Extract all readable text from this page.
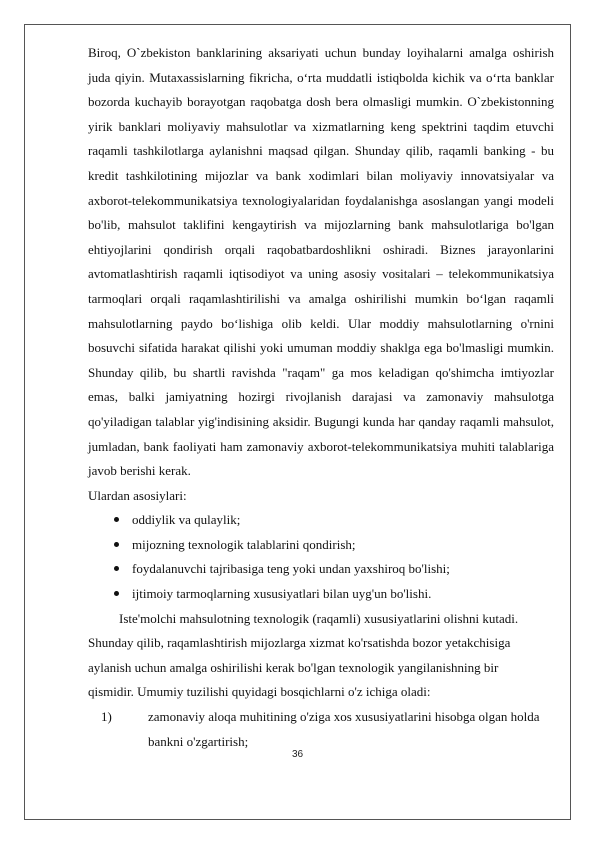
Biroq, O`zbekiston banklarining aksariyati uchun bunday loyihalarni amalga oshirish juda qiyin. Mutaxassislarning fikricha, o‘rta muddatli istiqbolda kichik va o‘rta banklar bozorda kuchayib borayotgan raqobatga dosh bera olmasligi mumkin. O`zbekistonning yirik banklari moliyaviy mahsulotlar va xizmatlarning keng spektrini taqdim etuvchi raqamli tashkilotlarga aylanishni maqsad qilgan. Shunday qilib, raqamli banking - bu kredit tashkilotining mijozlar va bank xodimlari bilan moliyaviy innovatsiyalar va axborot-telekommunikatsiya texnologiyalaridan foydalanishga asoslangan yangi modeli bo'lib, mahsulot taklifini kengaytirish va mijozlarning bank mahsulotlariga bo'lgan ehtiyojlarini qondirish orqali raqobatbardoshlikni oshiradi. Biznes jarayonlarini avtomatlashtirish raqamli iqtisodiyot va uning asosiy vositalari – telekommunikatsiya tarmoqlari orqali raqamlashtirilishi va amalga oshirilishi mumkin bo‘lgan raqamli mahsulotlarning paydo bo‘lishiga olib keldi. Ular moddiy mahsulotlarning o'rnini bosuvchi sifatida harakat qilishi yoki umuman moddiy shaklga ega bo'lmasligi mumkin. Shunday qilib, bu shartli ravishda "raqam" ga mos keladigan qo'shimcha imtiyozlar emas, balki jamiyatning hozirgi rivojlanish darajasi va zamonaviy mahsulotga qo'yiladigan talablar yig'indisining aksidir. Bugungi kunda har qanday raqamli mahsulot, jumladan, bank faoliyati ham zamonaviy axborot-telekommunikatsiya muhiti talablariga javob berishi kerak.

Ulardan asosiylari:

oddiylik va qulaylik;
mijozning texnologik talablarini qondirish;
foydalanuvchi tajribasiga teng yoki undan yaxshiroq bo'lishi;
ijtimoiy tarmoqlarning xususiyatlari bilan uyg'un bo'lishi.
Iste'molchi mahsulotning texnologik (raqamli) xususiyatlarini olishni kutadi.
Shunday qilib, raqamlashtirish mijozlarga xizmat ko'rsatishda bozor yetakchisiga
aylanish uchun amalga oshirilishi kerak bo'lgan texnologik yangilanishning bir
qismidir. Umumiy tuzilishi quyidagi bosqichlarni o'z ichiga oladi:
1)	zamonaviy aloqa muhitining o'ziga xos xususiyatlarini hisobga olgan holda
bankni o'zgartirish;
36
